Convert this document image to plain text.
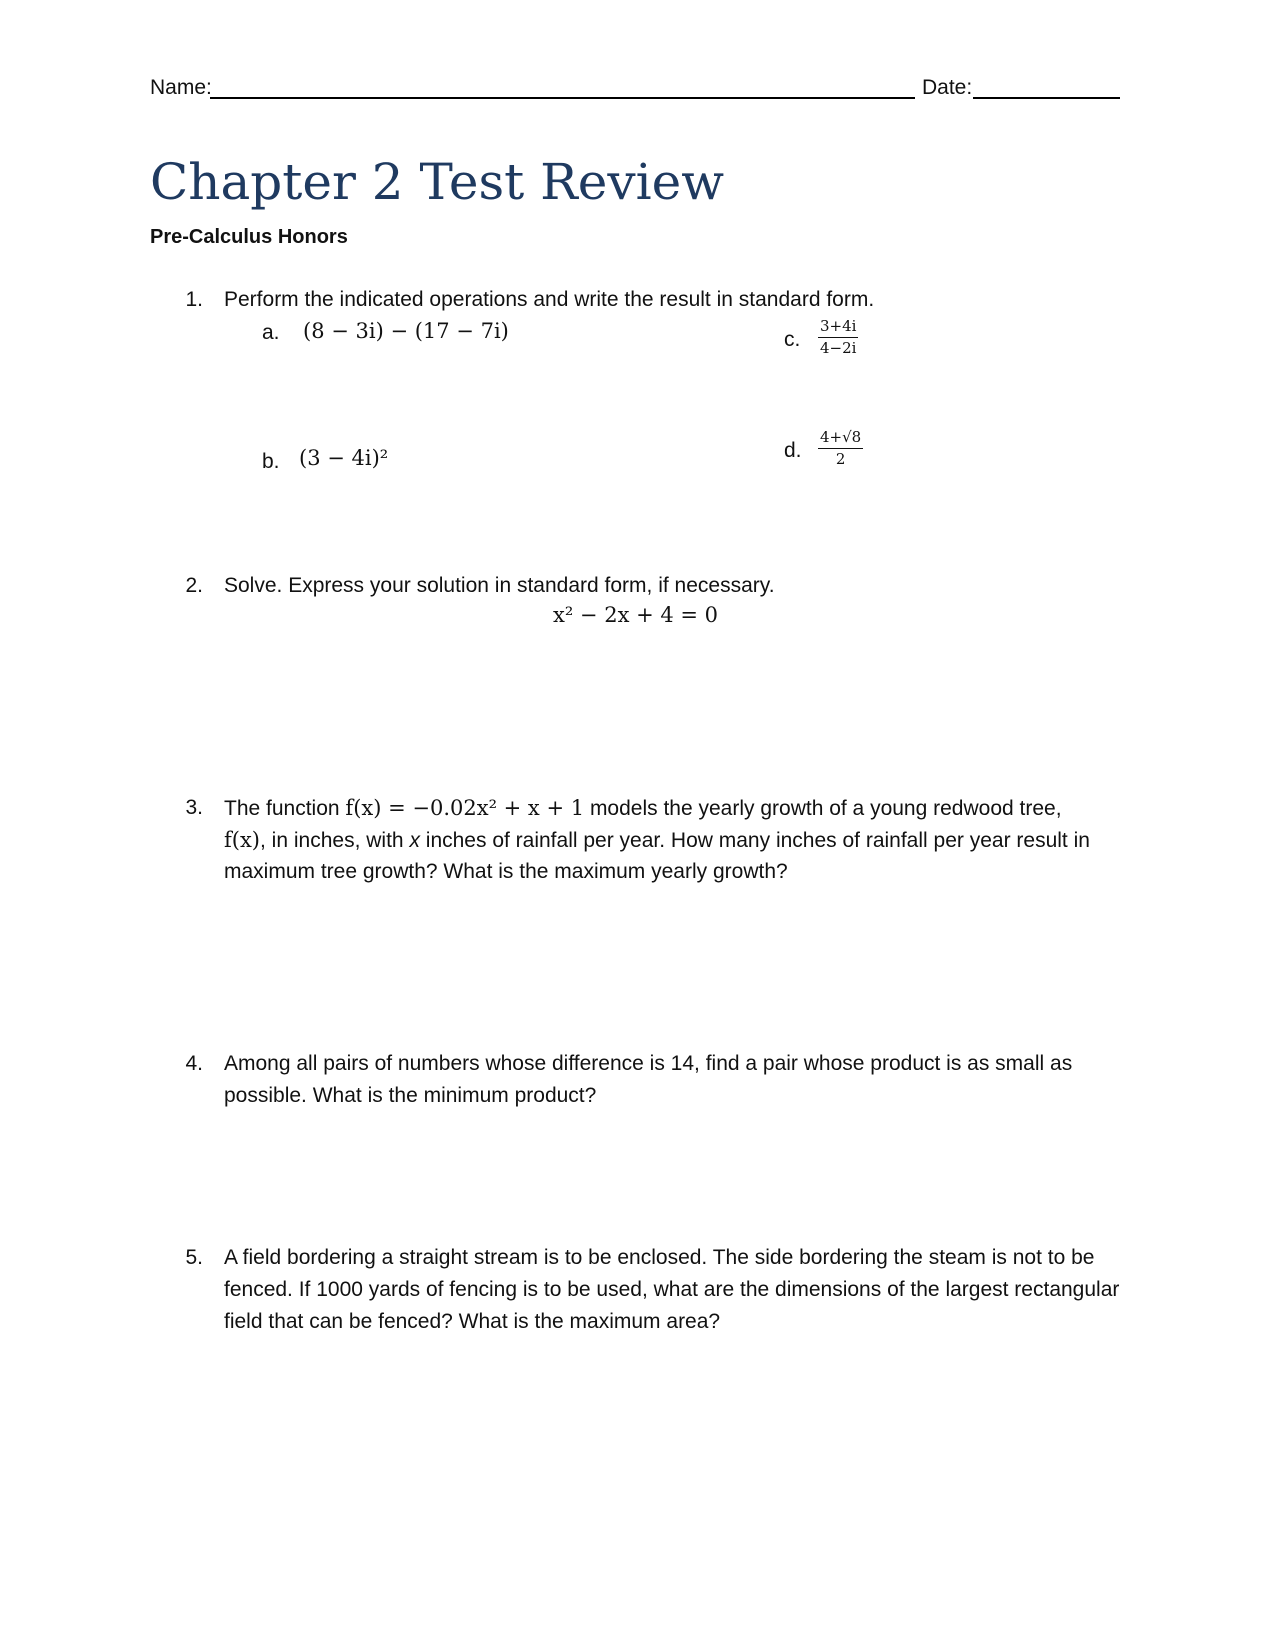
Name:	Date:
Chapter 2 Test Review
Pre-Calculus Honors
1. Perform the indicated operations and write the result in standard form.
a. (8 − 3i) − (17 − 7i)
b. (3 − 4i)²
c. $\frac{3+4i}{4-2i}$
d. $\frac{4+√8}{2}$
2. Solve. Express your solution in standard form, if necessary.
x² − 2x + 4 = 0
3. The function f(x) = −0.02x² + x + 1 models the yearly growth of a young redwood tree,
f(x), in inches, with x inches of rainfall per year. How many inches of rainfall per year result in
maximum tree growth? What is the maximum yearly growth?
4. Among all pairs of numbers whose difference is 14, find a pair whose product is as small as possible. What is the minimum product?
5. A field bordering a straight stream is to be enclosed. The side bordering the steam is not to be fenced. If 1000 yards of fencing is to be used, what are the dimensions of the largest rectangular field that can be fenced? What is the maximum area?
